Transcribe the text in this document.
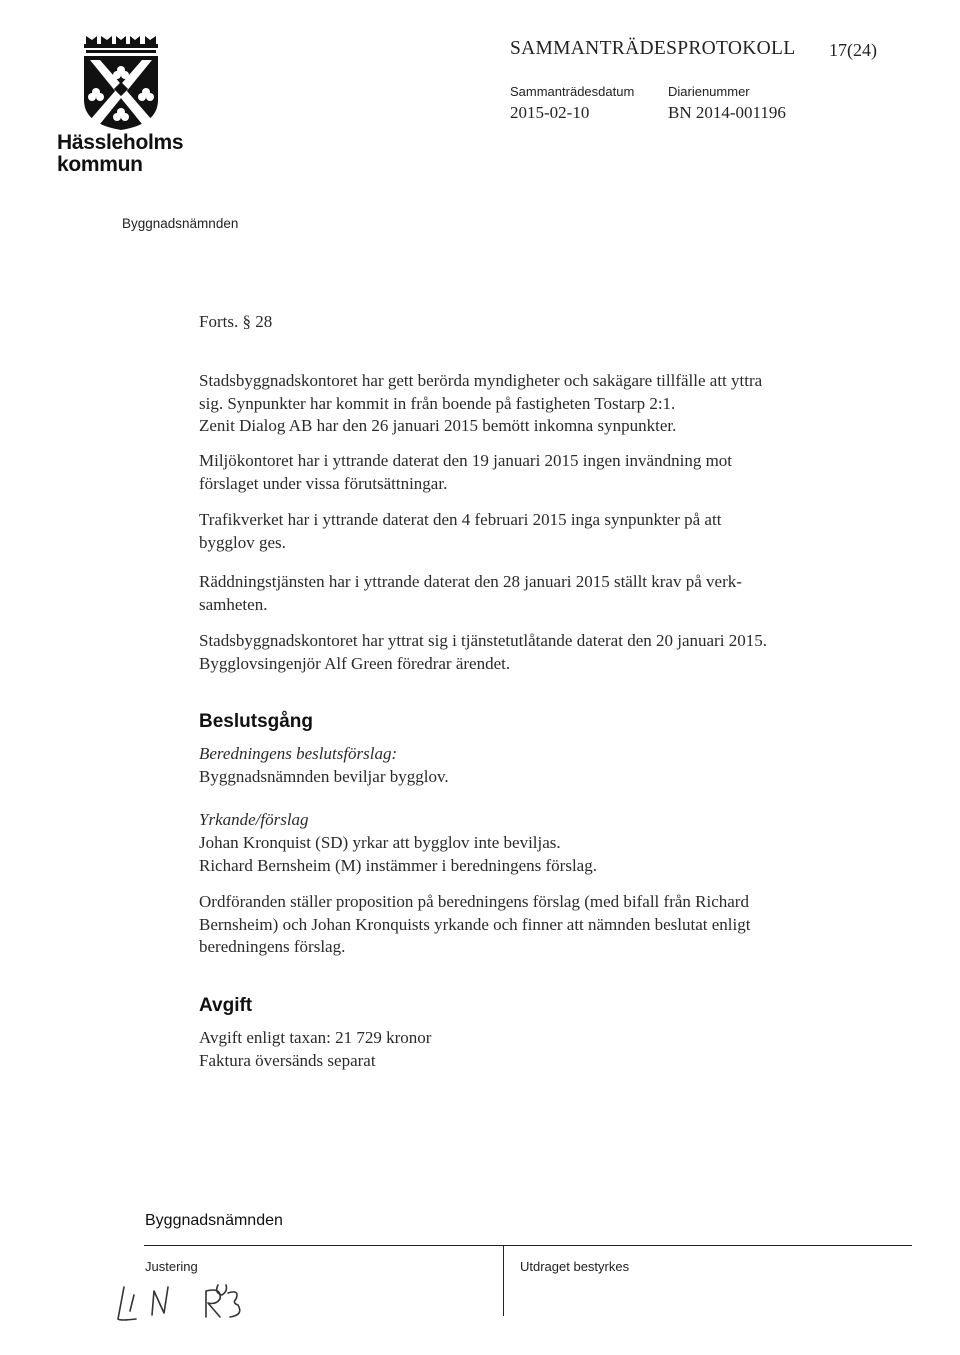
Hässleholms
kommun
SAMMANTRÄDESPROTOKOLL 17(24)
Sammanträdesdatum	Diarienummer
2015-02-10	BN 2014-001196
Byggnadsnämnden
Forts. § 28
Stadsbyggnadskontoret har gett berörda myndigheter och sakägare tillfälle att yttra
sig. Synpunkter har kommit in från boende på fastigheten Tostarp 2:1.
Zenit Dialog AB har den 26 januari 2015 bemött inkomna synpunkter.
Miljökontoret har i yttrande daterat den 19 januari 2015 ingen invändning mot
förslaget under vissa förutsättningar.
Trafikverket har i yttrande daterat den 4 februari 2015 inga synpunkter på att
bygglov ges.
Räddningstjänsten har i yttrande daterat den 28 januari 2015 ställt krav på verk-
samheten.
Stadsbyggnadskontoret har yttrat sig i tjänstetutlåtande daterat den 20 januari 2015.
Bygglovsingenjör Alf Green föredrar ärendet.
Beslutsgång
Beredningens beslutsförslag:
Byggnadsnämnden beviljar bygglov.
Yrkande/förslag
Johan Kronquist (SD) yrkar att bygglov inte beviljas.
Richard Bernsheim (M) instämmer i beredningens förslag.
Ordföranden ställer proposition på beredningens förslag (med bifall från Richard
Bernsheim) och Johan Kronquists yrkande och finner att nämnden beslutat enligt
beredningens förslag.
Avgift
Avgift enligt taxan: 21 729 kronor
Faktura översänds separat
Byggnadsnämnden
Justering	Utdraget bestyrkes
